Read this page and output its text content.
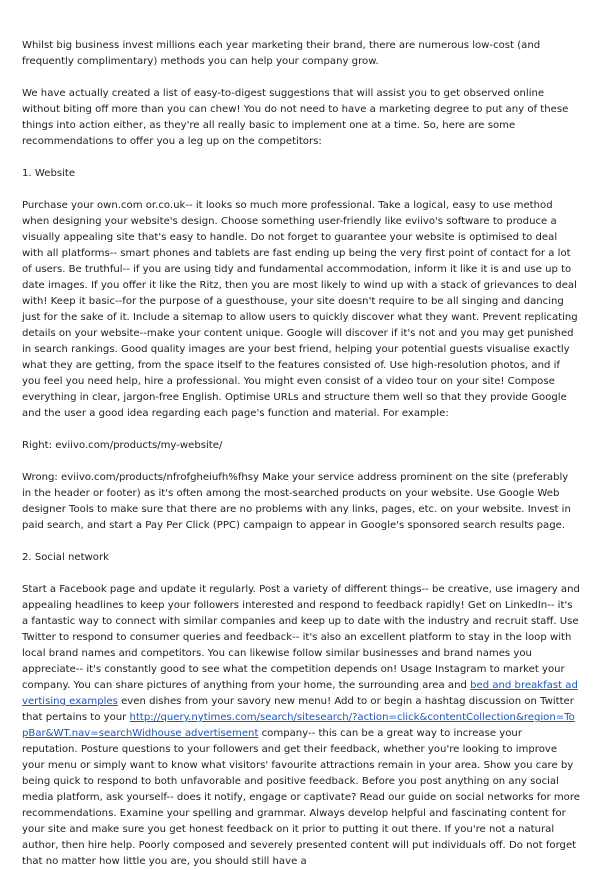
Whilst big business invest millions each year marketing their brand, there are numerous low-cost (and frequently complimentary) methods you can help your company grow.

We have actually created a list of easy-to-digest suggestions that will assist you to get observed online without biting off more than you can chew! You do not need to have a marketing degree to put any of these things into action either, as they're all really basic to implement one at a time. So, here are some recommendations to offer you a leg up on the competitors:

1. Website

Purchase your own.com or.co.uk-- it looks so much more professional. Take a logical, easy to use method when designing your website's design. Choose something user-friendly like eviivo's software to produce a visually appealing site that's easy to handle. Do not forget to guarantee your website is optimised to deal with all platforms-- smart phones and tablets are fast ending up being the very first point of contact for a lot of users. Be truthful-- if you are using tidy and fundamental accommodation, inform it like it is and use up to date images. If you offer it like the Ritz, then you are most likely to wind up with a stack of grievances to deal with! Keep it basic--for the purpose of a guesthouse, your site doesn't require to be all singing and dancing just for the sake of it. Include a sitemap to allow users to quickly discover what they want. Prevent replicating details on your website--make your content unique. Google will discover if it's not and you may get punished in search rankings. Good quality images are your best friend, helping your potential guests visualise exactly what they are getting, from the space itself to the features consisted of. Use high-resolution photos, and if you feel you need help, hire a professional. You might even consist of a video tour on your site! Compose everything in clear, jargon-free English. Optimise URLs and structure them well so that they provide Google and the user a good idea regarding each page's function and material. For example:

Right: eviivo.com/products/my-website/

Wrong: eviivo.com/products/nfrofgheiufh%fhsy Make your service address prominent on the site (preferably in the header or footer) as it's often among the most-searched products on your website. Use Google Web designer Tools to make sure that there are no problems with any links, pages, etc. on your website. Invest in paid search, and start a Pay Per Click (PPC) campaign to appear in Google's sponsored search results page.

2. Social network

Start a Facebook page and update it regularly. Post a variety of different things-- be creative, use imagery and appealing headlines to keep your followers interested and respond to feedback rapidly! Get on LinkedIn-- it's a fantastic way to connect with similar companies and keep up to date with the industry and recruit staff. Use Twitter to respond to consumer queries and feedback-- it's also an excellent platform to stay in the loop with local brand names and competitors. You can likewise follow similar businesses and brand names you appreciate-- it's constantly good to see what the competition depends on! Usage Instagram to market your company. You can share pictures of anything from your home, the surrounding area and bed and breakfast advertising examples even dishes from your savory new menu! Add to or begin a hashtag discussion on Twitter that pertains to your http://query.nytimes.com/search/sitesearch/?action=click&contentCollection&region=TopBar&WT.nav=searchWidhouse advertisement company-- this can be a great way to increase your reputation. Posture questions to your followers and get their feedback, whether you're looking to improve your menu or simply want to know what visitors' favourite attractions remain in your area. Show you care by being quick to respond to both unfavorable and positive feedback. Before you post anything on any social media platform, ask yourself-- does it notify, engage or captivate? Read our guide on social networks for more recommendations. Examine your spelling and grammar. Always develop helpful and fascinating content for your site and make sure you get honest feedback on it prior to putting it out there. If you're not a natural author, then hire help. Poorly composed and severely presented content will put individuals off. Do not forget that no matter how little you are, you should still have a
